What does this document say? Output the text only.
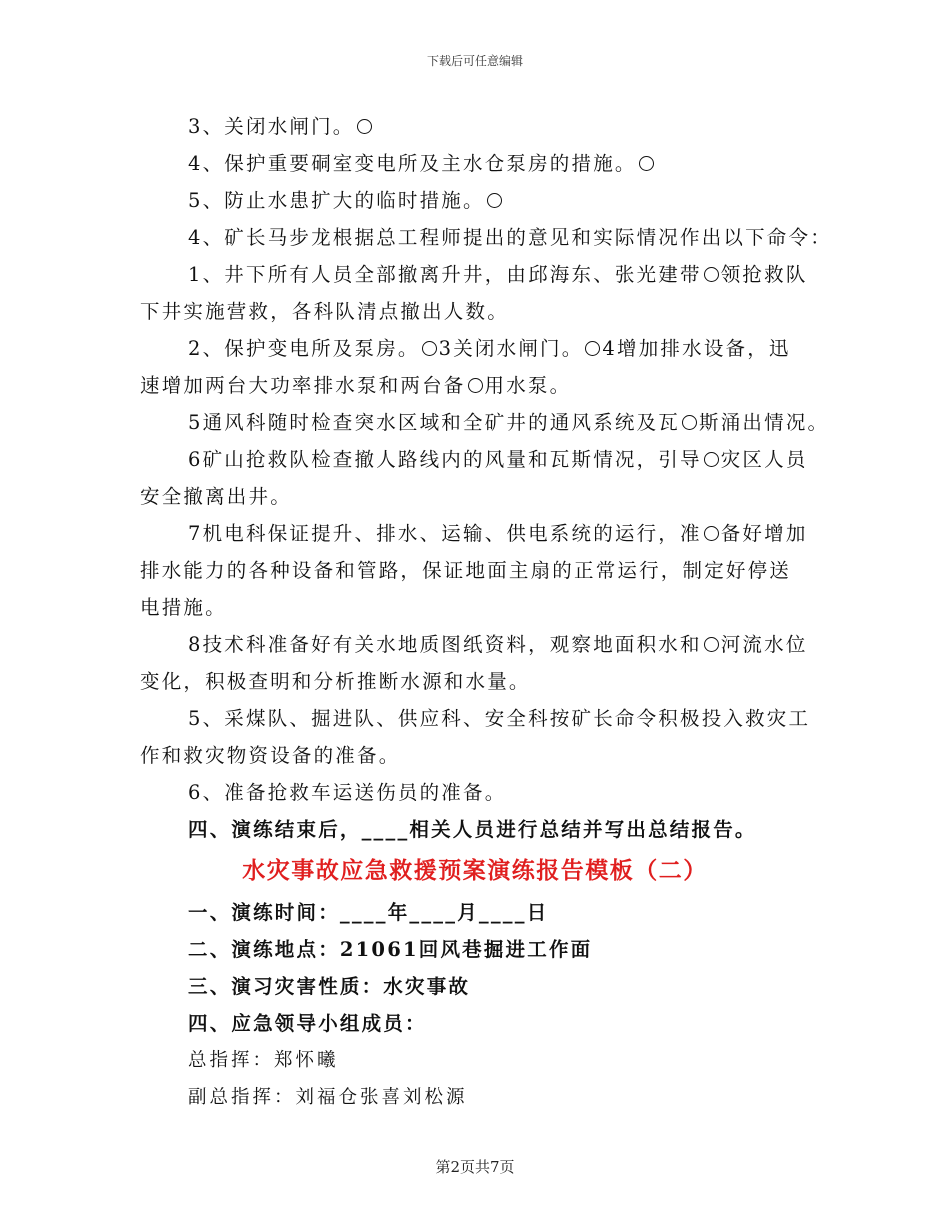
下载后可任意编辑
3、关闭水闸门。
4、保护重要硐室变电所及主水仓泵房的措施。
5、防止水患扩大的临时措施。
4、矿长马步龙根据总工程师提出的意见和实际情况作出以下命令：
1、井下所有人员全部撤离升井，由邱海东、张光建带 ○ 领抢救队
下井实施营救，各科队清点撤出人数。
2、保护变电所及泵房。 ○ 3关闭水闸门。 ○ 4增加排水设备，迅
速增加两台大功率排水泵和两台备 ○ 用水泵。
5通风科随时检查突水区域和全矿井的通风系统及瓦 ○ 斯涌出情况。
6矿山抢救队检查撤人路线内的风量和瓦斯情况，引导 ○ 灾区人员
安全撤离出井。
7机电科保证提升、排水、运输、供电系统的运行，准 ○ 备好增加
排水能力的各种设备和管路，保证地面主扇的正常运行，制定好停送
电措施。
8技术科准备好有关水地质图纸资料，观察地面积水和 ○ 河流水位
变化，积极查明和分析推断水源和水量。
5、采煤队、掘进队、供应科、安全科按矿长命令积极投入救灾工
作和救灾物资设备的准备。
6、准备抢救车运送伤员的准备。
四、演练结束后，____相关人员进行总结并写出总结报告。
水灾事故应急救援预案演练报告模板（二）
一、演练时间：____年____月____日
二、演练地点：21061回风巷掘进工作面
三、演习灾害性质：水灾事故
四、应急领导小组成员：
总指挥：郑怀曦
副总指挥：刘福仓张喜刘松源
第2页共7页
